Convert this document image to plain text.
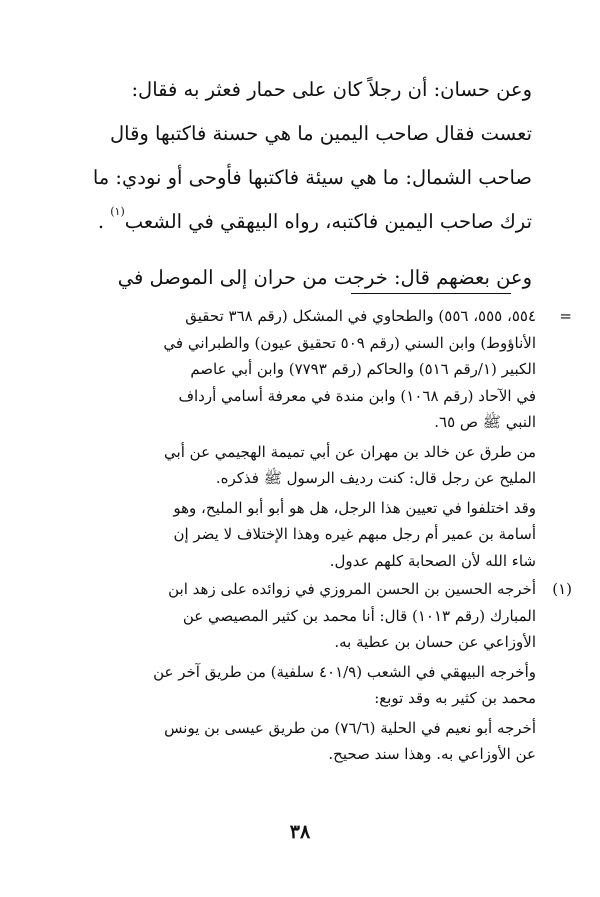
وعن حسان: أن رجلاً كان على حمار فعثر به فقال:

تعست فقال صاحب اليمين ما هي حسنة فاكتبها وقال

صاحب الشمال: ما هي سيئة فاكتبها فأوحى أو نودي: ما

ترك صاحب اليمين فاكتبه، رواه البيهقي في الشعب$^{(١)}$ .

وعن بعضهم قال: خرجت من حران إلى الموصل في

=

٥٥٤، ٥٥٥، ٥٥٦) والطحاوي في المشكل (رقم ٣٦٨ تحقيق

الأناؤوط) وابن السني (رقم ٥٠٩ تحقيق عيون) والطبراني في

الكبير (١/رقم ٥١٦) والحاكم (رقم ٧٧٩٣) وابن أبي عاصم

في الآحاد (رقم ١٠٦٨) وابن مندة في معرفة أسامي أرداف

النبي ﷺ ص ٦٥.

من طرق عن خالد بن مهران عن أبي تميمة الهجيمي عن أبي

المليح عن رجل قال: كنت رديف الرسول ﷺ فذكره.

وقد اختلفوا في تعيين هذا الرجل، هل هو أبو أبو المليح، وهو

أسامة بن عمير أم رجل مبهم غيره وهذا الإختلاف لا يضر إن

شاء الله لأن الصحابة كلهم عدول.

(١)

أخرجه الحسين بن الحسن المروزي في زوائده على زهد ابن

المبارك (رقم ١٠١٣) قال: أنا محمد بن كثير المصيصي عن

الأوزاعي عن حسان بن عطية به.

وأخرجه البيهقي في الشعب (٤٠١/٩ سلفية) من طريق آخر عن

محمد بن كثير به وقد توبع:

أخرجه أبو نعيم في الحلية (٧٦/٦) من طريق عيسى بن يونس

عن الأوزاعي به. وهذا سند صحيح.

٣٨
